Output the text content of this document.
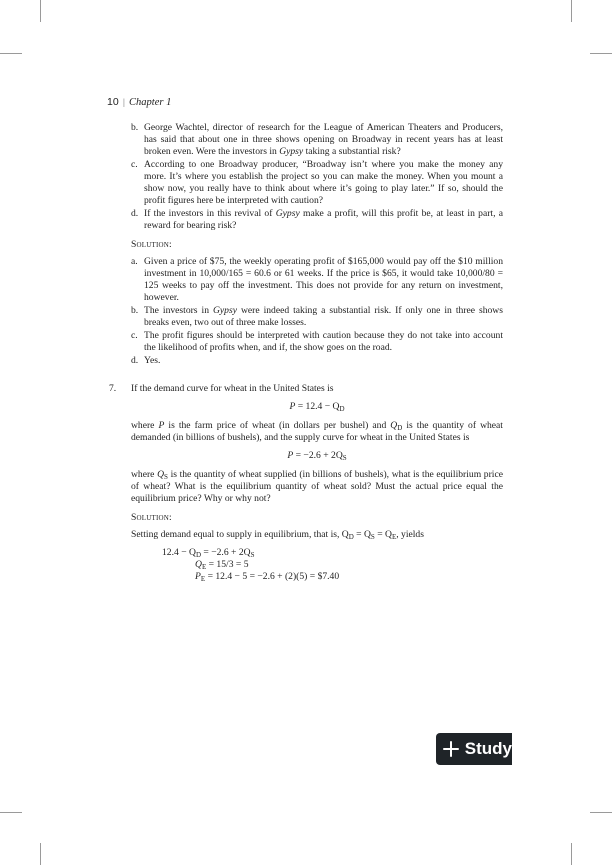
10 | Chapter 1
b. George Wachtel, director of research for the League of American Theaters and Producers, has said that about one in three shows opening on Broadway in recent years has at least broken even. Were the investors in Gypsy taking a substantial risk?

c. According to one Broadway producer, “Broadway isn’t where you make the money any more. It’s where you establish the project so you can make the money. When you mount a show now, you really have to think about where it’s going to play later.” If so, should the profit figures here be interpreted with caution?

d. If the investors in this revival of Gypsy make a profit, will this profit be, at least in part, a reward for bearing risk?

Solution:
a. Given a price of $75, the weekly operating profit of $165,000 would pay off the $10 million investment in 10,000/165 = 60.6 or 61 weeks. If the price is $65, it would take 10,000/80 = 125 weeks to pay off the investment. This does not provide for any return on investment, however.

b. The investors in Gypsy were indeed taking a substantial risk. If only one in three shows breaks even, two out of three make losses.

c. The profit figures should be interpreted with caution because they do not take into account the likelihood of profits when, and if, the show goes on the road.

d. Yes.

7. If the demand curve for wheat in the United States is

$P = 12.4 - Q_D$

where P is the farm price of wheat (in dollars per bushel) and $Q_D$ is the quantity of wheat demanded (in billions of bushels), and the supply curve for wheat in the United States is

$P = -2.6 + 2Q_S$

where $Q_S$ is the quantity of wheat supplied (in billions of bushels), what is the equilibrium price of wheat? What is the equilibrium quantity of wheat sold? Must the actual price equal the equilibrium price? Why or why not?

Solution:

Setting demand equal to supply in equilibrium, that is, $Q_D = Q_S = Q_E$, yields

$12.4 - Q_D = -2.6 + 2Q_S$
$Q_E = 15/3 = 5$
$P_E = 12.4 - 5 = -2.6 + (2)(5)$ = $7.40
Study
